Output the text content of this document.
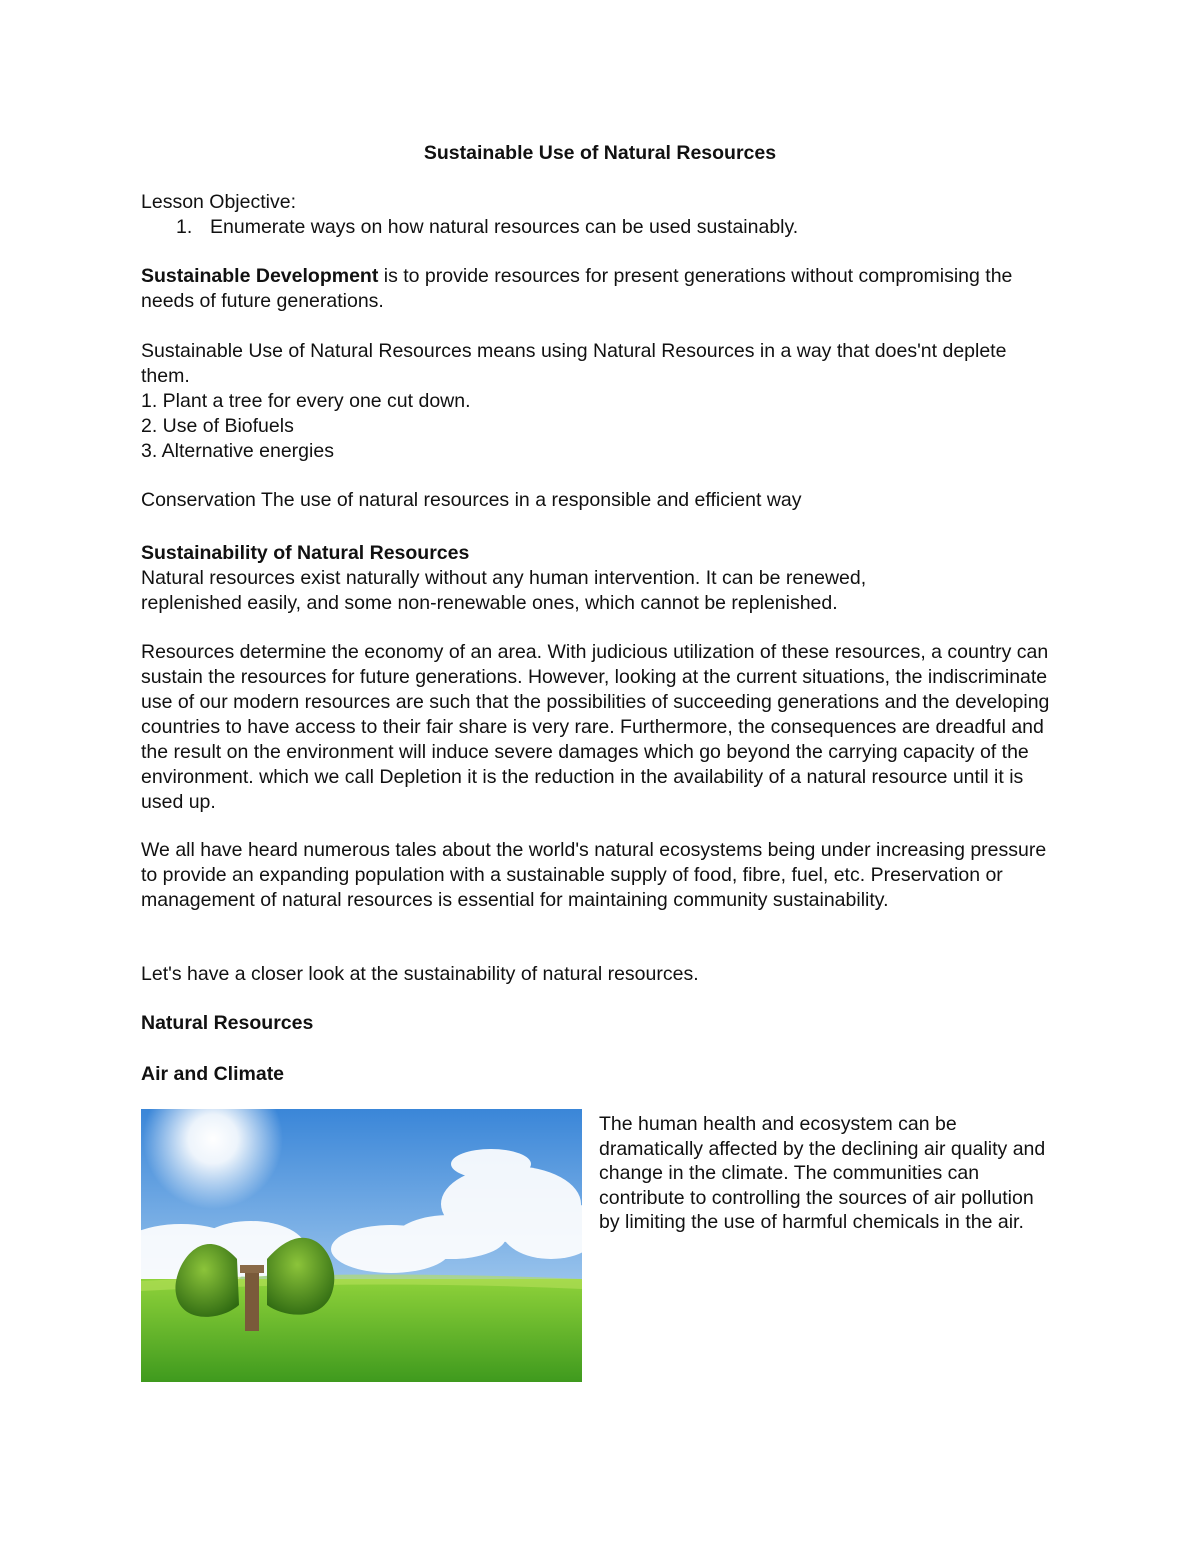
Sustainable Use of Natural Resources
Lesson Objective:
1. Enumerate ways on how natural resources can be used sustainably.
Sustainable Development is to provide resources for present generations without compromising the needs of future generations.
Sustainable Use of Natural Resources means using Natural Resources in a way that does'nt deplete them.
1. Plant a tree for every one cut down.
2. Use of Biofuels
3. Alternative energies
Conservation The use of natural resources in a responsible and efficient way
Sustainability of Natural Resources
Natural resources exist naturally without any human intervention. It can be renewed, replenished easily, and some non-renewable ones, which cannot be replenished.
Resources determine the economy of an area. With judicious utilization of these resources, a country can sustain the resources for future generations. However, looking at the current situations, the indiscriminate use of our modern resources are such that the possibilities of succeeding generations and the developing countries to have access to their fair share is very rare. Furthermore, the consequences are dreadful and the result on the environment will induce severe damages which go beyond the carrying capacity of the environment. which we call Depletion it is the reduction in the availability of a natural resource until it is used up.
We all have heard numerous tales about the world's natural ecosystems being under increasing pressure to provide an expanding population with a sustainable supply of food, fibre, fuel, etc. Preservation or management of natural resources is essential for maintaining community sustainability.
Let's have a closer look at the sustainability of natural resources.
Natural Resources
Air and Climate
The human health and ecosystem can be dramatically affected by the declining air quality and change in the climate. The communities can contribute to controlling the sources of air pollution by limiting the use of harmful chemicals in the air.
